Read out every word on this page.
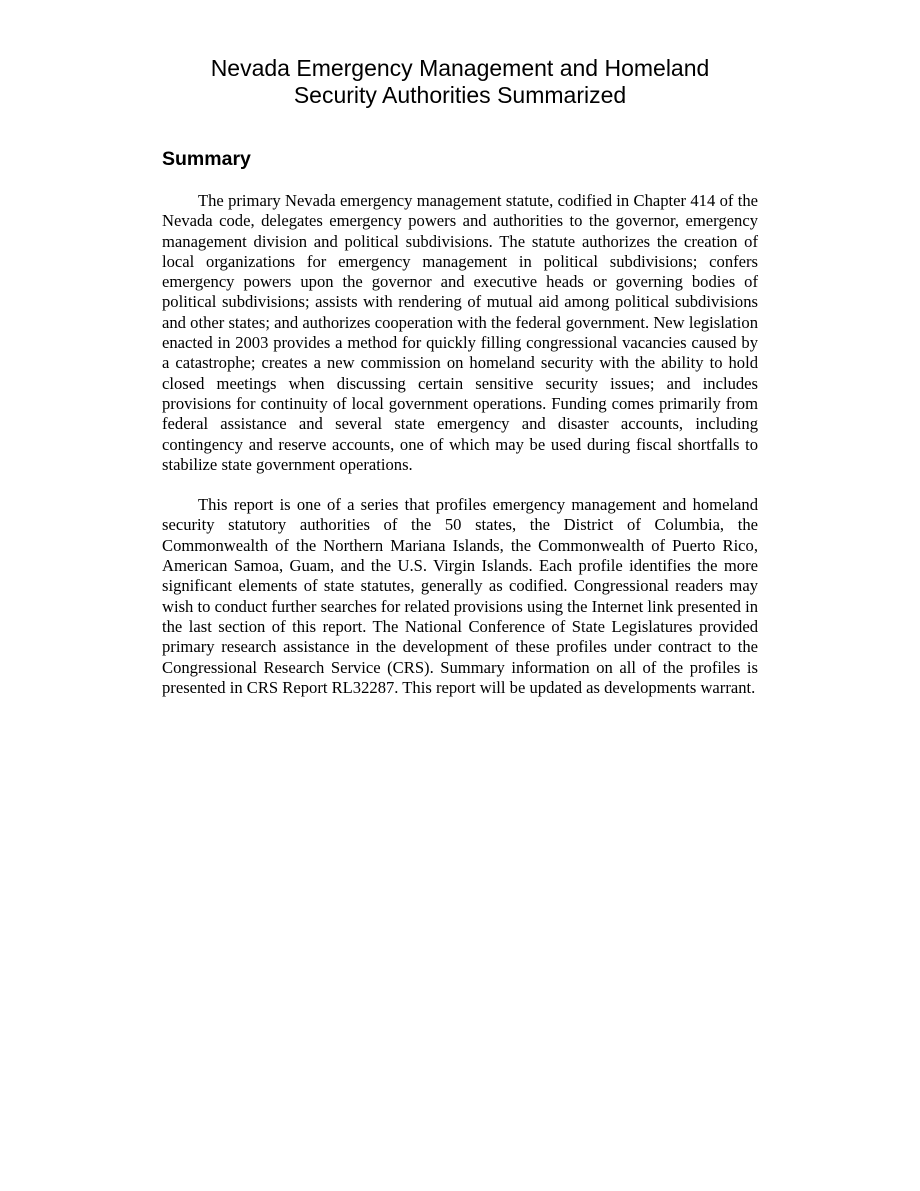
Nevada Emergency Management and Homeland
Security Authorities Summarized
Summary

The primary Nevada emergency management statute, codified in Chapter 414 of the Nevada code, delegates emergency powers and authorities to the governor, emergency management division and political subdivisions. The statute authorizes the creation of local organizations for emergency management in political subdivisions; confers emergency powers upon the governor and executive heads or governing bodies of political subdivisions; assists with rendering of mutual aid among political subdivisions and other states; and authorizes cooperation with the federal government. New legislation enacted in 2003 provides a method for quickly filling congressional vacancies caused by a catastrophe; creates a new commission on homeland security with the ability to hold closed meetings when discussing certain sensitive security issues; and includes provisions for continuity of local government operations. Funding comes primarily from federal assistance and several state emergency and disaster accounts, including contingency and reserve accounts, one of which may be used during fiscal shortfalls to stabilize state government operations.

This report is one of a series that profiles emergency management and homeland security statutory authorities of the 50 states, the District of Columbia, the Commonwealth of the Northern Mariana Islands, the Commonwealth of Puerto Rico, American Samoa, Guam, and the U.S. Virgin Islands. Each profile identifies the more significant elements of state statutes, generally as codified. Congressional readers may wish to conduct further searches for related provisions using the Internet link presented in the last section of this report. The National Conference of State Legislatures provided primary research assistance in the development of these profiles under contract to the Congressional Research Service (CRS). Summary information on all of the profiles is presented in CRS Report RL32287. This report will be updated as developments warrant.
